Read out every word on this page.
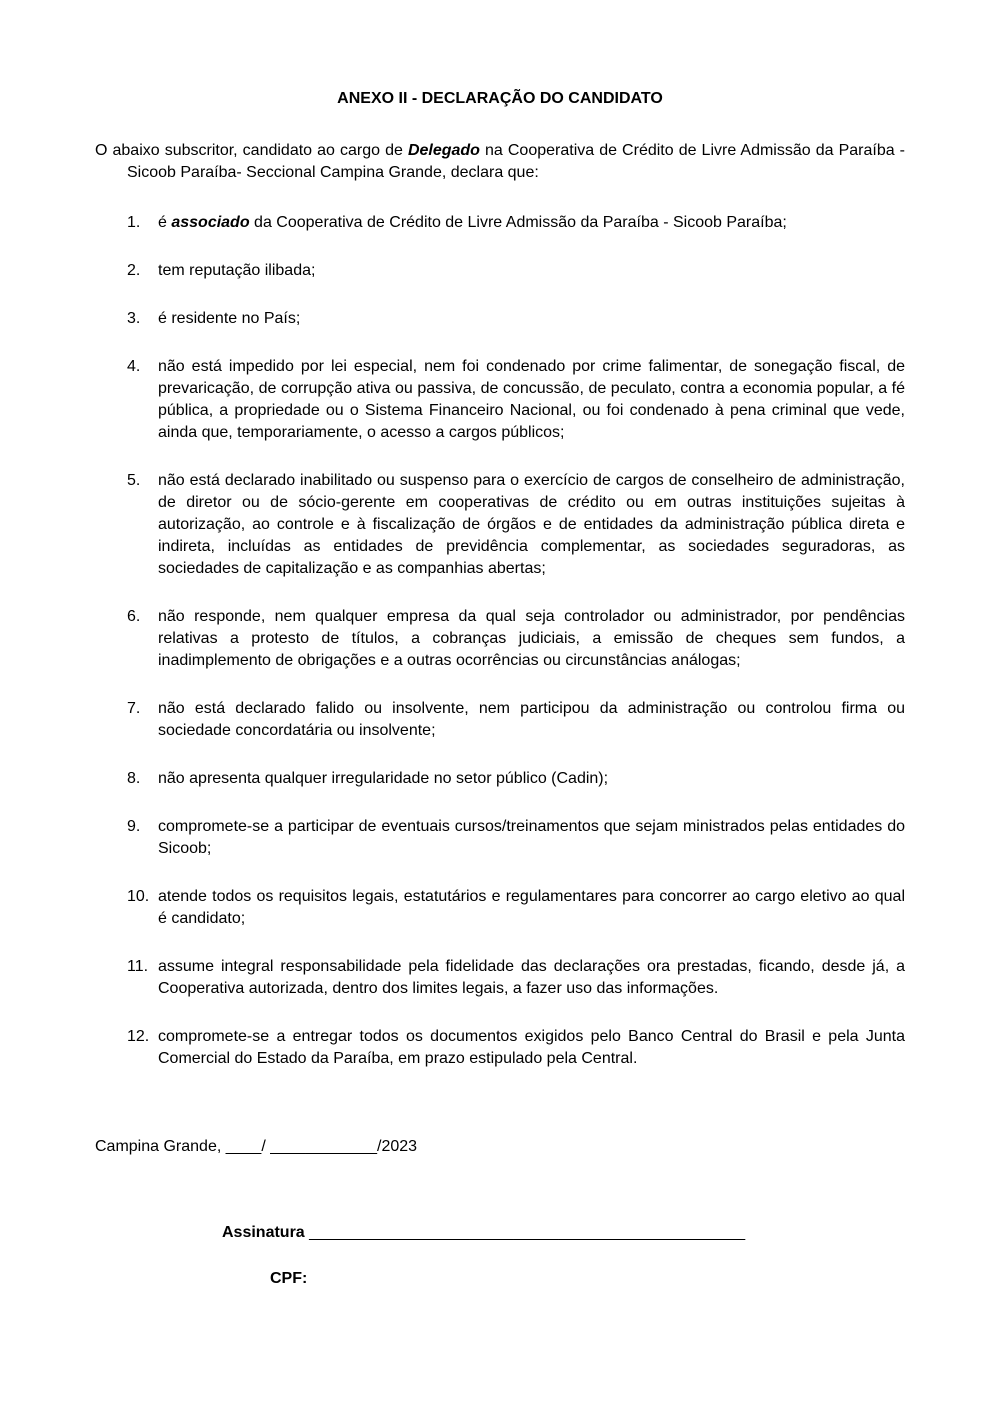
ANEXO II - DECLARAÇÃO DO CANDIDATO

O abaixo subscritor, candidato ao cargo de Delegado na Cooperativa de Crédito de Livre Admissão da Paraíba - Sicoob Paraíba- Seccional Campina Grande, declara que:

1.	é associado da Cooperativa de Crédito de Livre Admissão da Paraíba - Sicoob Paraíba;
2.	tem reputação ilibada;
3.	é residente no País;
4.	não está impedido por lei especial, nem foi condenado por crime falimentar, de sonegação fiscal, de prevaricação, de corrupção ativa ou passiva, de concussão, de peculato, contra a economia popular, a fé pública, a propriedade ou o Sistema Financeiro Nacional, ou foi condenado à pena criminal que vede, ainda que, temporariamente, o acesso a cargos públicos;
5.	não está declarado inabilitado ou suspenso para o exercício de cargos de conselheiro de administração, de diretor ou de sócio-gerente em cooperativas de crédito ou em outras instituições sujeitas à autorização, ao controle e à fiscalização de órgãos e de entidades da administração pública direta e indireta, incluídas as entidades de previdência complementar, as sociedades seguradoras, as sociedades de capitalização e as companhias abertas;
6.	não responde, nem qualquer empresa da qual seja controlador ou administrador, por pendências relativas a protesto de títulos, a cobranças judiciais, a emissão de cheques sem fundos, a inadimplemento de obrigações e a outras ocorrências ou circunstâncias análogas;
7.	não está declarado falido ou insolvente, nem participou da administração ou controlou firma ou sociedade concordatária ou insolvente;
8.	não apresenta qualquer irregularidade no setor público (Cadin);
9.	compromete-se a participar de eventuais cursos/treinamentos que sejam ministrados pelas entidades do Sicoob;
10. atende todos os requisitos legais, estatutários e regulamentares para concorrer ao cargo eletivo ao qual é candidato;
11. assume integral responsabilidade pela fidelidade das declarações ora prestadas, ficando, desde já, a Cooperativa autorizada, dentro dos limites legais, a fazer uso das informações.
12. compromete-se a entregar todos os documentos exigidos pelo Banco Central do Brasil e pela Junta Comercial do Estado da Paraíba, em prazo estipulado pela Central.

Campina Grande, ____/ ____________/2023

Assinatura _________________________________________________

CPF:
